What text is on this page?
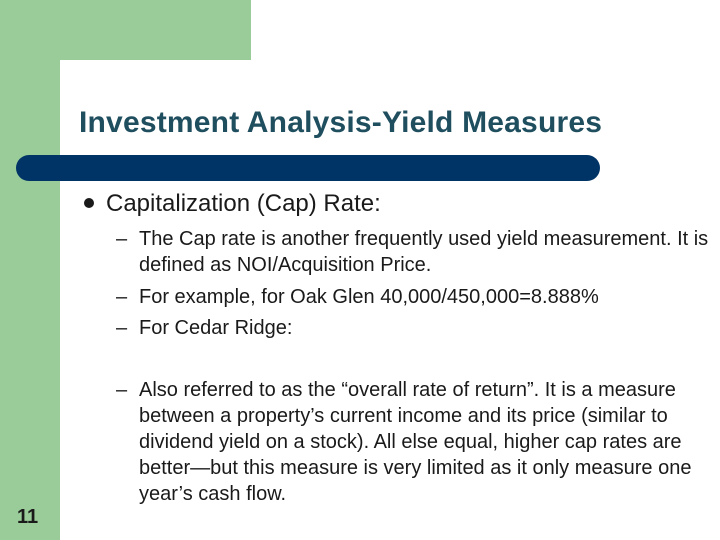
Investment Analysis-Yield Measures
Capitalization (Cap) Rate:
– The Cap rate is another frequently used yield measurement. It is defined as NOI/Acquisition Price.
– For example, for Oak Glen 40,000/450,000=8.888%
– For Cedar Ridge:
– Also referred to as the “overall rate of return”. It is a measure between a property’s current income and its price (similar to dividend yield on a stock). All else equal, higher cap rates are better—but this measure is very limited as it only measure one year’s cash flow.
11
